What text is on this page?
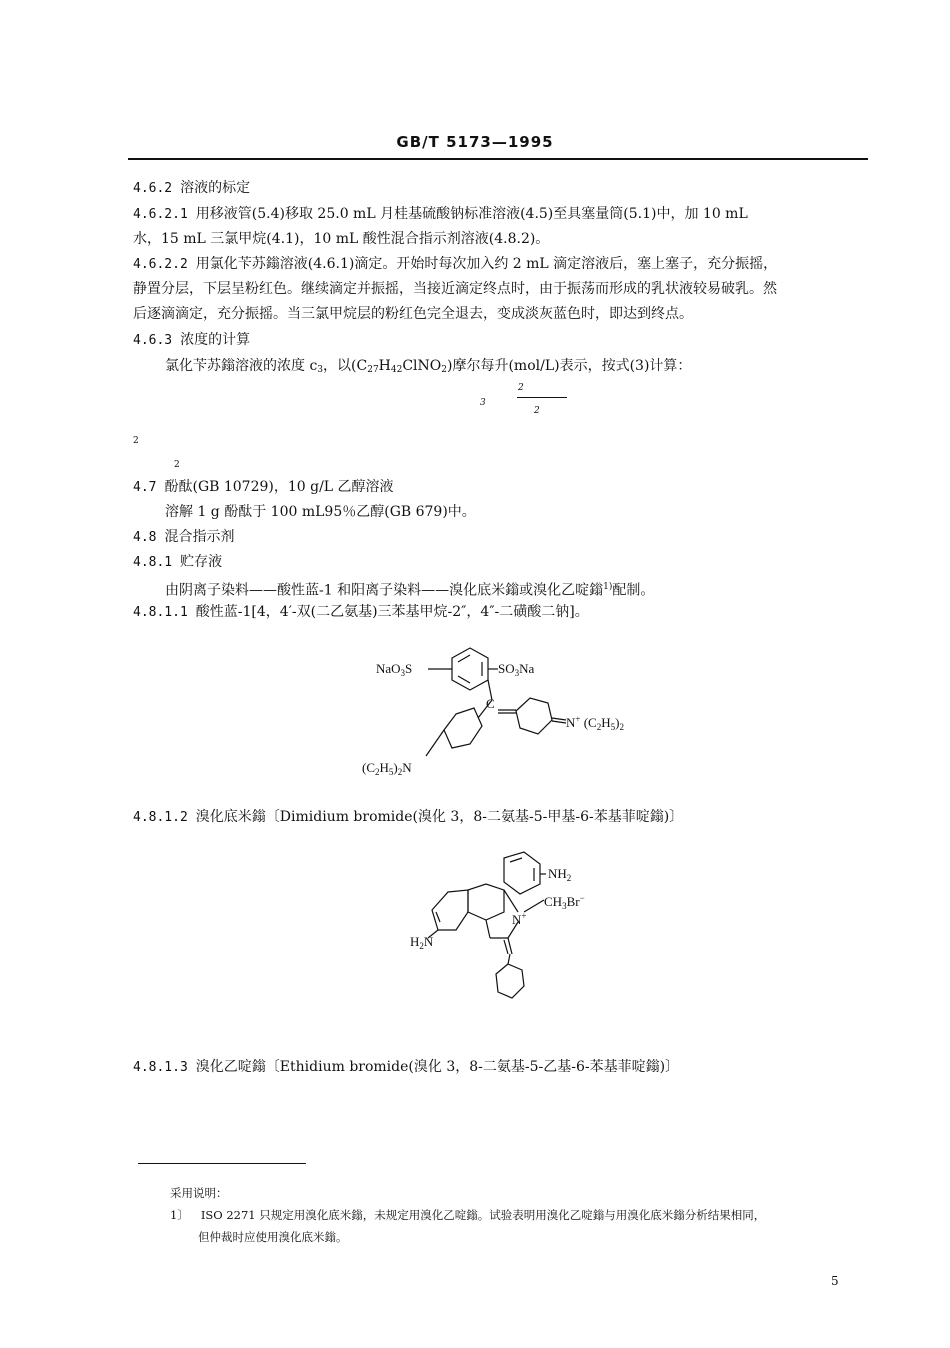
GB/T 5173—1995
4.6.2 溶液的标定
4.6.2.1 用移液管(5.4)移取 25.0 mL 月桂基硫酸钠标准溶液(4.5)至具塞量筒(5.1)中，加 10 mL
水，15 mL 三氯甲烷(4.1)，10 mL 酸性混合指示剂溶液(4.8.2)。
4.6.2.2 用氯化苄苏鎓溶液(4.6.1)滴定。开始时每次加入约 2 mL 滴定溶液后，塞上塞子，充分振摇，
静置分层，下层呈粉红色。继续滴定并振摇，当接近滴定终点时，由于振荡而形成的乳状液较易破乳。然
后逐滴滴定，充分振摇。当三氯甲烷层的粉红色完全退去，变成淡灰蓝色时，即达到终点。
4.6.3 浓度的计算
氯化苄苏鎓溶液的浓度 $c_3$，以$(C_{27}H_{42}ClNO_2)$摩尔每升(mol/L)表示，按式(3)计算：
$_3$
$_2$
$_2$
$_2$
$_2$
4.7 酚酞(GB 10729)，10 g/L 乙醇溶液
溶解 1 g 酚酞于 100 mL95％乙醇(GB 679)中。
4.8 混合指示剂
4.8.1 贮存液
由阴离子染料——酸性蓝-1 和阳离子染料——溴化底米鎓或溴化乙啶鎓$^{1)}$配制。
4.8.1.1 酸性蓝-1[4，4′-双(二乙氨基)三苯基甲烷-2″，4″-二磺酸二钠]。
NaO$_3$S	$SO_3Na$
C
N+ $(C_2H_5)_2$
$(C_2H_5)_2N$
4.8.1.2 溴化底米鎓〔Dimidium bromide(溴化 3，8-二氨基-5-甲基-6-苯基菲啶鎓)〕
$NH_2$
$CH_3Br^-$
N+
$H_2N$
4.8.1.3 溴化乙啶鎓〔Ethidium bromide(溴化 3，8-二氨基-5-乙基-6-苯基菲啶鎓)〕
采用说明：
1〕 ISO 2271 只规定用溴化底米鎓，未规定用溴化乙啶鎓。试验表明用溴化乙啶鎓与用溴化底米鎓分析结果相同，
但仲裁时应使用溴化底米鎓。
5
